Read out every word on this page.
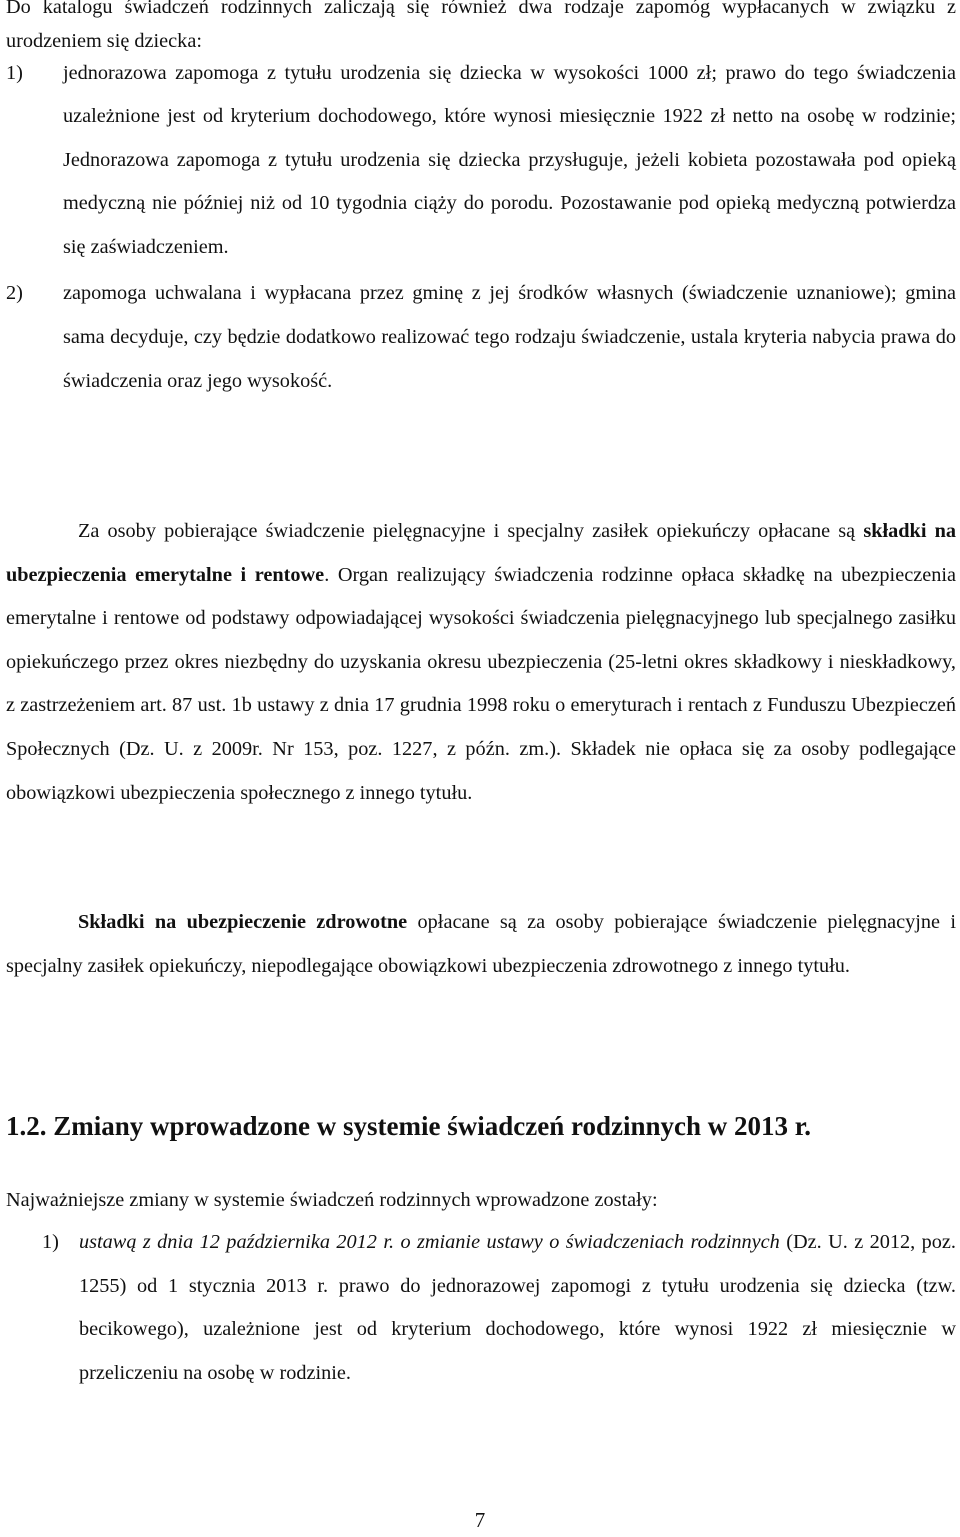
Do katalogu świadczeń rodzinnych zaliczają się również dwa rodzaje zapomóg wypłacanych w związku z urodzeniem się dziecka:

1) jednorazowa zapomoga z tytułu urodzenia się dziecka w wysokości 1000 zł; prawo do tego świadczenia uzależnione jest od kryterium dochodowego, które wynosi miesięcznie 1922 zł netto na osobę w rodzinie; Jednorazowa zapomoga z tytułu urodzenia się dziecka przysługuje, jeżeli kobieta pozostawała pod opieką medyczną nie później niż od 10 tygodnia ciąży do porodu. Pozostawanie pod opieką medyczną potwierdza się zaświadczeniem.
2) zapomoga uchwalana i wypłacana przez gminę z jej środków własnych (świadczenie uznaniowe); gmina sama decyduje, czy będzie dodatkowo realizować tego rodzaju świadczenie, ustala kryteria nabycia prawa do świadczenia oraz jego wysokość.

Za osoby pobierające świadczenie pielęgnacyjne i specjalny zasiłek opiekuńczy opłacane są składki na ubezpieczenia emerytalne i rentowe. Organ realizujący świadczenia rodzinne opłaca składkę na ubezpieczenia emerytalne i rentowe od podstawy odpowiadającej wysokości świadczenia pielęgnacyjnego lub specjalnego zasiłku opiekuńczego przez okres niezbędny do uzyskania okresu ubezpieczenia (25-letni okres składkowy i nieskładkowy, z zastrzeżeniem art. 87 ust. 1b ustawy z dnia 17 grudnia 1998 roku o emeryturach i rentach z Funduszu Ubezpieczeń Społecznych (Dz. U. z 2009r. Nr 153, poz. 1227, z późn. zm.). Składek nie opłaca się za osoby podlegające obowiązkowi ubezpieczenia społecznego z innego tytułu.

Składki na ubezpieczenie zdrowotne opłacane są za osoby pobierające świadczenie pielęgnacyjne i specjalny zasiłek opiekuńczy, niepodlegające obowiązkowi ubezpieczenia zdrowotnego z innego tytułu.

1.2. Zmiany wprowadzone w systemie świadczeń rodzinnych w 2013 r.

Najważniejsze zmiany w systemie świadczeń rodzinnych wprowadzone zostały:

1) ustawą z dnia 12 października 2012 r. o zmianie ustawy o świadczeniach rodzinnych (Dz. U. z 2012, poz. 1255) od 1 stycznia 2013 r. prawo do jednorazowej zapomogi z tytułu urodzenia się dziecka (tzw. becikowego), uzależnione jest od kryterium dochodowego, które wynosi 1922 zł miesięcznie w przeliczeniu na osobę w rodzinie.
7
